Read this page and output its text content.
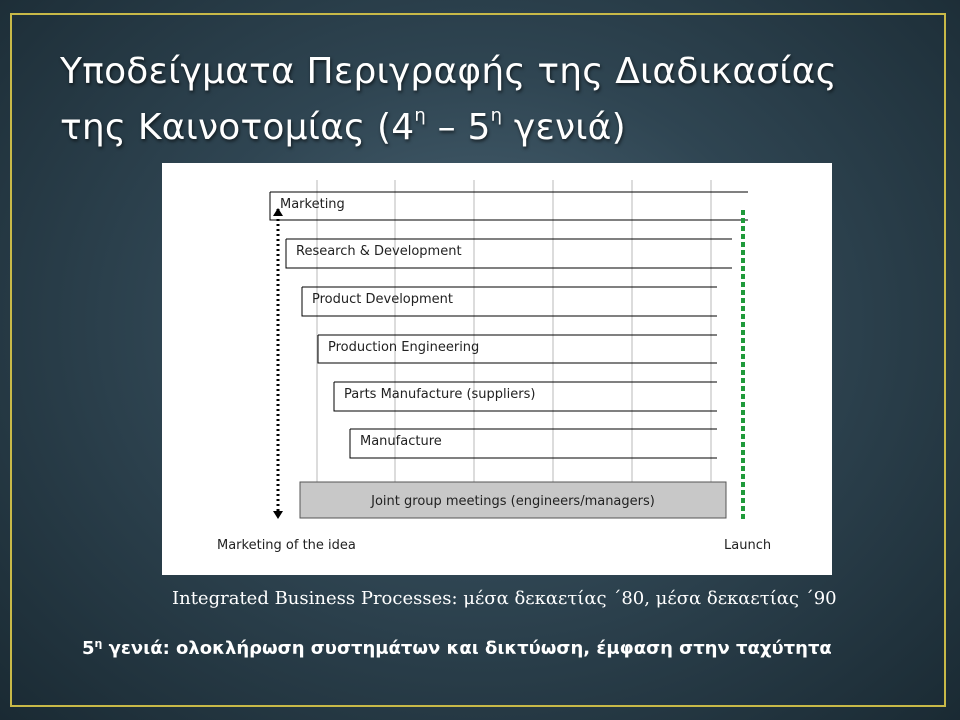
Υποδείγματα Περιγραφής της Διαδικασίας
της Καινοτομίας ($4^\eta - 5^\eta$ γενιά)
Marketing
Research & Development
Product Development
Production Engineering
Parts Manufacture (suppliers)
Manufacture
Joint group meetings (engineers/managers)
Marketing of the idea	Launch
Integrated Business Processes: μέσα δεκαετίας ΄80, μέσα δεκαετίας ΄90
$5^\eta$ γενιά: ολοκλήρωση συστημάτων και δικτύωση, έμφαση στην ταχύτητα
